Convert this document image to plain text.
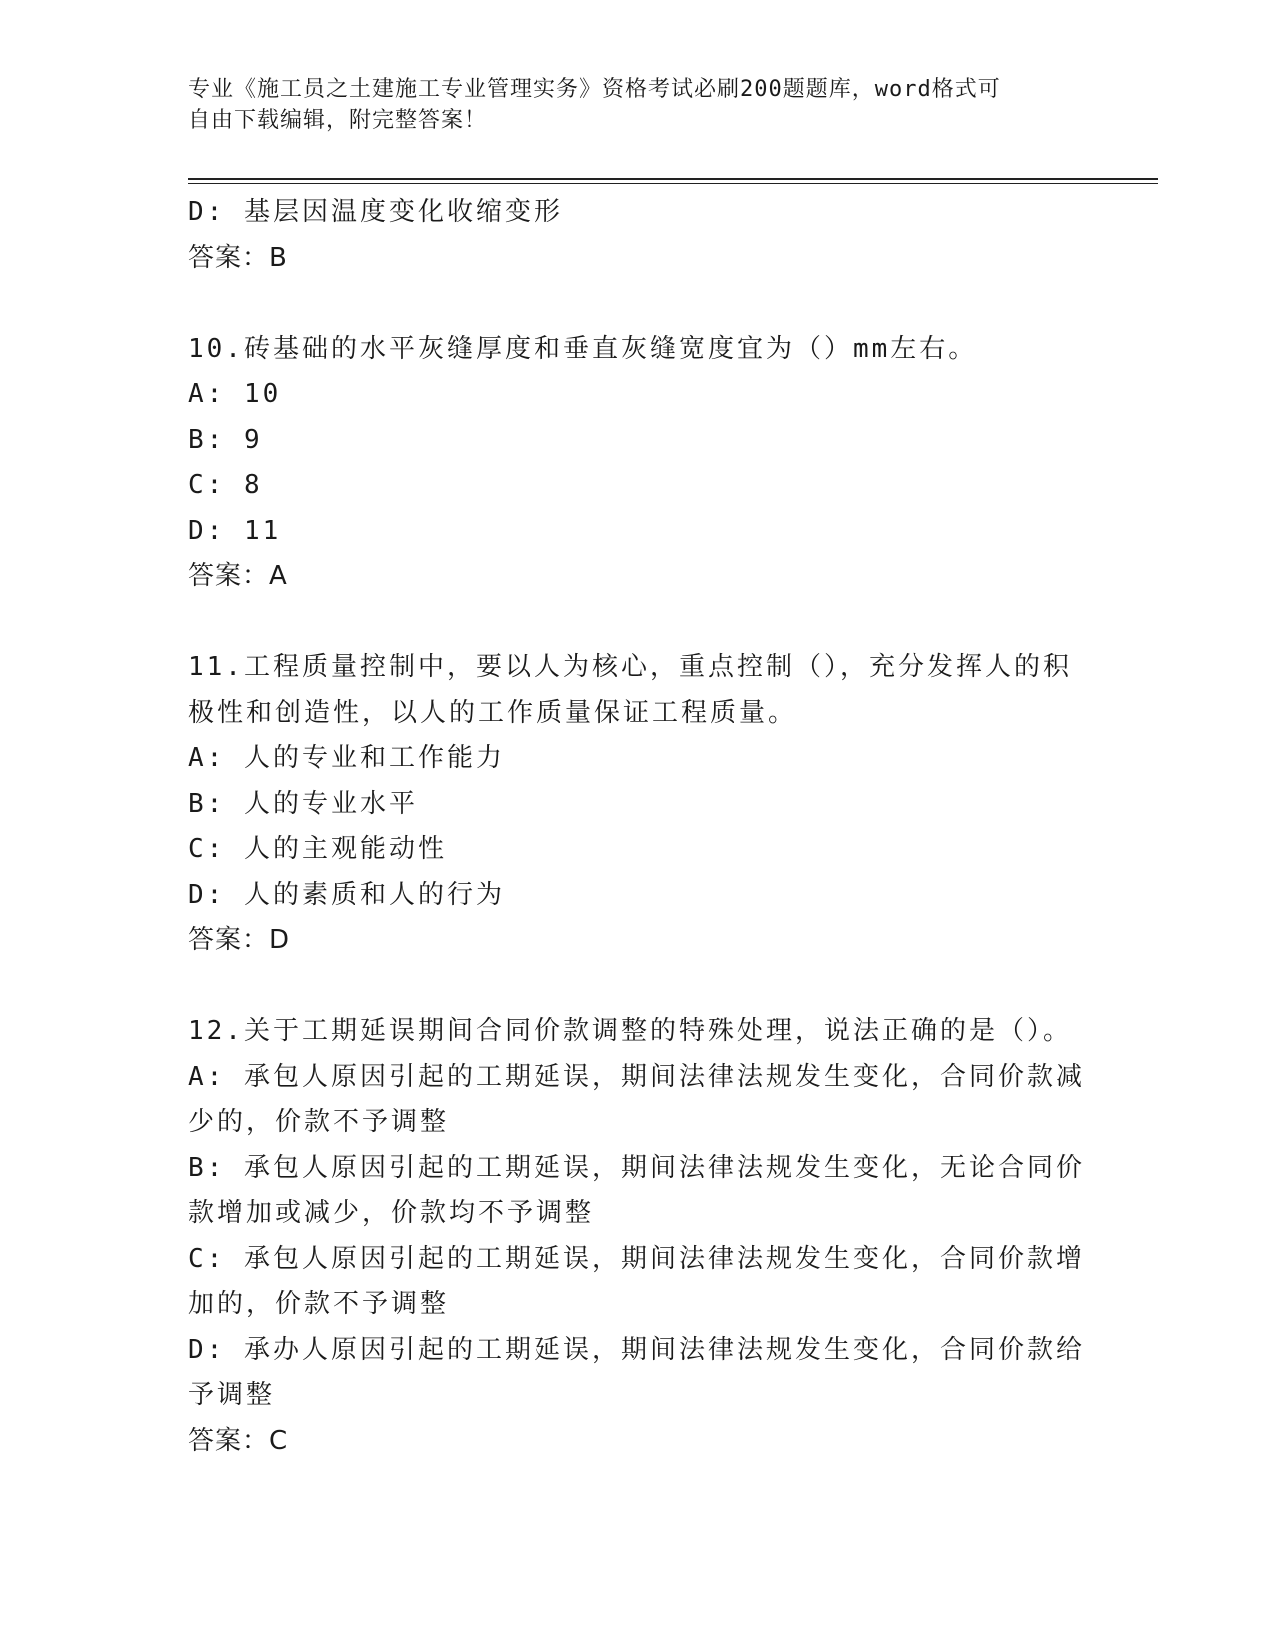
专业《施工员之土建施工专业管理实务》资格考试必刷200题题库，word格式可
自由下载编辑，附完整答案！
D: 基层因温度变化收缩变形
答案：B
10.砖基础的水平灰缝厚度和垂直灰缝宽度宜为（）mm左右。
A: 10
B: 9
C: 8
D: 11
答案：A
11.工程质量控制中，要以人为核心，重点控制（），充分发挥人的积
极性和创造性，以人的工作质量保证工程质量。
A: 人的专业和工作能力
B: 人的专业水平
C: 人的主观能动性
D: 人的素质和人的行为
答案：D
12.关于工期延误期间合同价款调整的特殊处理，说法正确的是（）。
A: 承包人原因引起的工期延误，期间法律法规发生变化，合同价款减
少的，价款不予调整
B: 承包人原因引起的工期延误，期间法律法规发生变化，无论合同价
款增加或减少，价款均不予调整
C: 承包人原因引起的工期延误，期间法律法规发生变化，合同价款增
加的，价款不予调整
D: 承办人原因引起的工期延误，期间法律法规发生变化，合同价款给
予调整
答案：C
